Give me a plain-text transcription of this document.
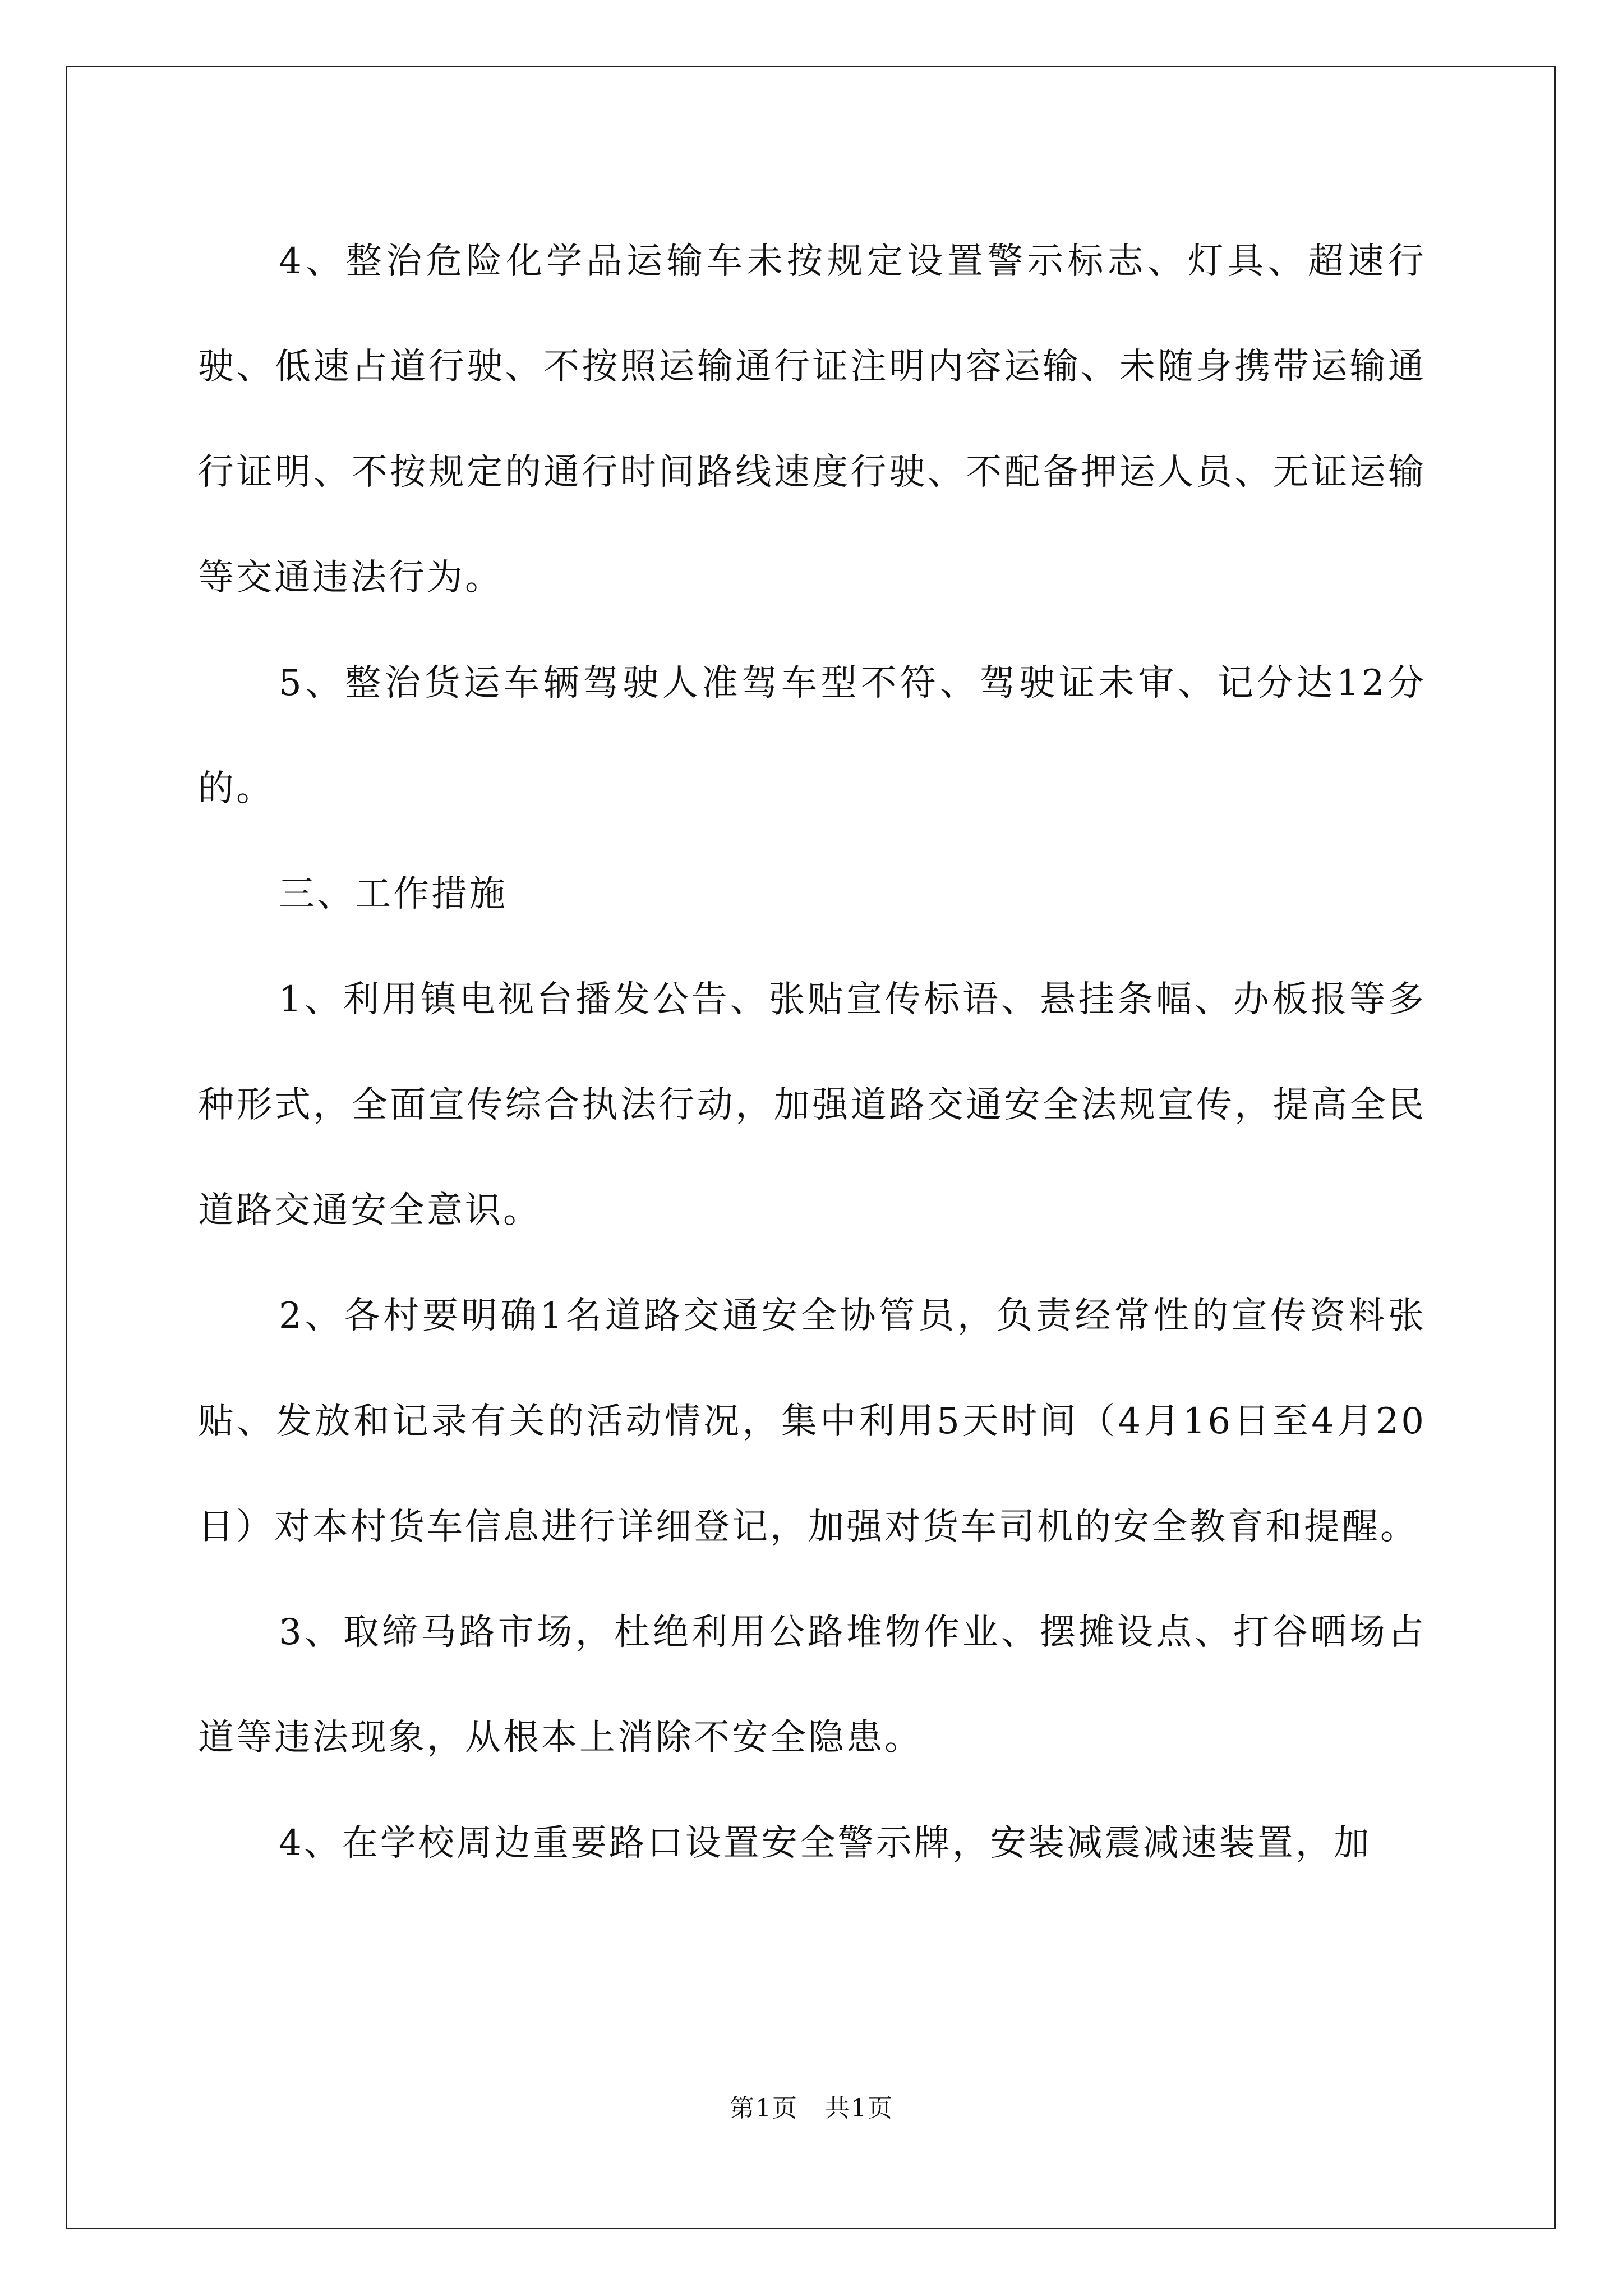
4、整治危险化学品运输车未按规定设置警示标志、灯具、超速行驶、低速占道行驶、不按照运输通行证注明内容运输、未随身携带运输通行证明、不按规定的通行时间路线速度行驶、不配备押运人员、无证运输等交通违法行为。

5、整治货运车辆驾驶人准驾车型不符、驾驶证未审、记分达12分的。

三、工作措施

1、利用镇电视台播发公告、张贴宣传标语、悬挂条幅、办板报等多种形式，全面宣传综合执法行动，加强道路交通安全法规宣传，提高全民道路交通安全意识。

2、各村要明确1名道路交通安全协管员，负责经常性的宣传资料张贴、发放和记录有关的活动情况，集中利用5天时间（4月16日至4月20日）对本村货车信息进行详细登记，加强对货车司机的安全教育和提醒。

3、取缔马路市场，杜绝利用公路堆物作业、摆摊设点、打谷晒场占道等违法现象，从根本上消除不安全隐患。

4、在学校周边重要路口设置安全警示牌，安装减震减速装置，加

第1页 共1页
